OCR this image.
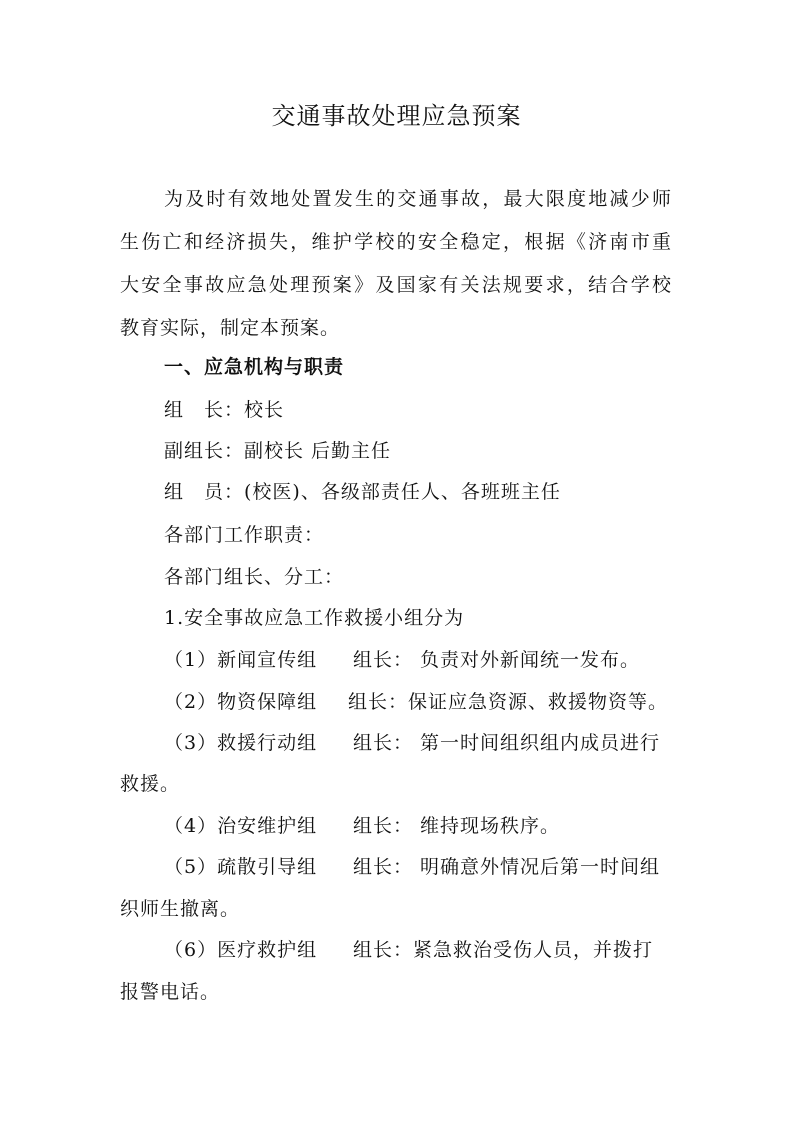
交通事故处理应急预案
为及时有效地处置发生的交通事故，最大限度地减少师
生伤亡和经济损失，维护学校的安全稳定，根据《济南市重
大安全事故应急处理预案》及国家有关法规要求，结合学校
教育实际，制定本预案。
一、应急机构与职责
组　长：校长
副组长：副校长 后勤主任
组　员：(校医)、各级部责任人、各班班主任
各部门工作职责：
各部门组长、分工：
1.安全事故应急工作救援小组分为
（1）新闻宣传组 组长： 负责对外新闻统一发布。
（2）物资保障组 组长：保证应急资源、救援物资等。
（3）救援行动组 组长： 第一时间组织组内成员进行
救援。
（4）治安维护组 组长： 维持现场秩序。
（5）疏散引导组 组长： 明确意外情况后第一时间组
织师生撤离。
（6）医疗救护组 组长：紧急救治受伤人员，并拨打
报警电话。
